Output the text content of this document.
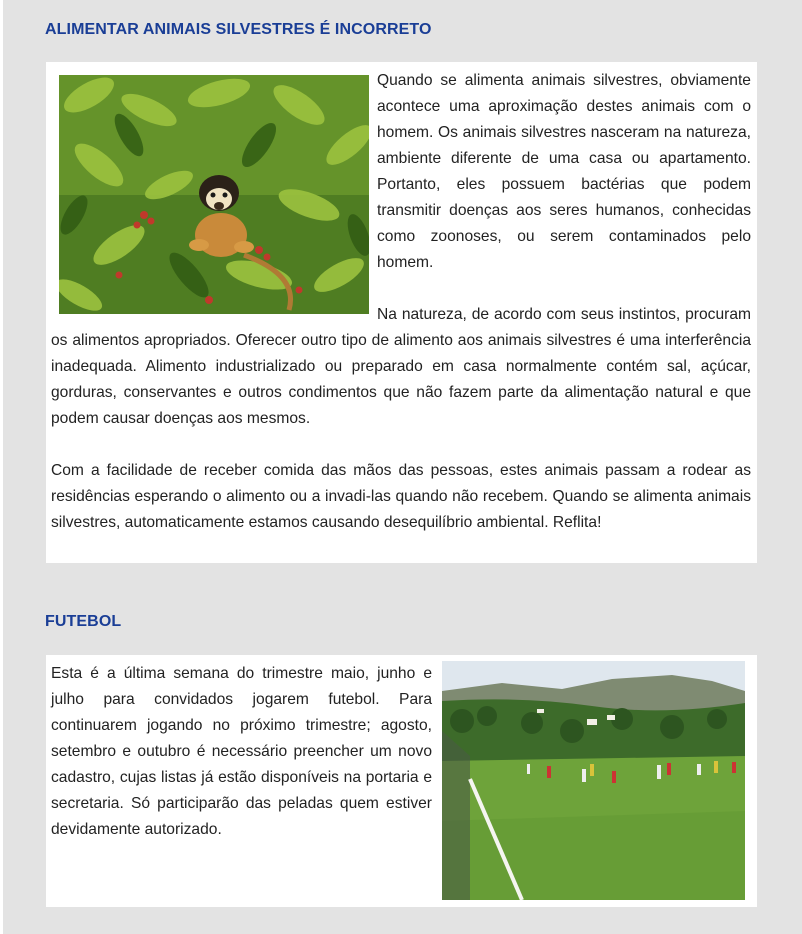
ALIMENTAR ANIMAIS SILVESTRES É INCORRETO

Quando se alimenta animais silvestres, obviamente acontece uma aproximação destes animais com o homem. Os animais silvestres nasceram na natureza, ambiente diferente de uma casa ou apartamento. Portanto, eles possuem bactérias que podem transmitir doenças aos seres humanos, conhecidas como zoonoses, ou serem contaminados pelo homem.

Na natureza, de acordo com seus instintos, procuram os alimentos apropriados. Oferecer outro tipo de alimento aos animais silvestres é uma interferência inadequada. Alimento industrializado ou preparado em casa normalmente contém sal, açúcar, gorduras, conservantes e outros condimentos que não fazem parte da alimentação natural e que podem causar doenças aos mesmos.

Com a facilidade de receber comida das mãos das pessoas, estes animais passam a rodear as residências esperando o alimento ou a invadi-las quando não recebem. Quando se alimenta animais silvestres, automaticamente estamos causando desequilíbrio ambiental. Reflita!

FUTEBOL

Esta é a última semana do trimestre maio, junho e julho para convidados jogarem futebol. Para continuarem jogando no próximo trimestre; agosto, setembro e outubro é necessário preencher um novo cadastro, cujas listas já estão disponíveis na portaria e secretaria. Só participarão das peladas quem estiver devidamente autorizado.
